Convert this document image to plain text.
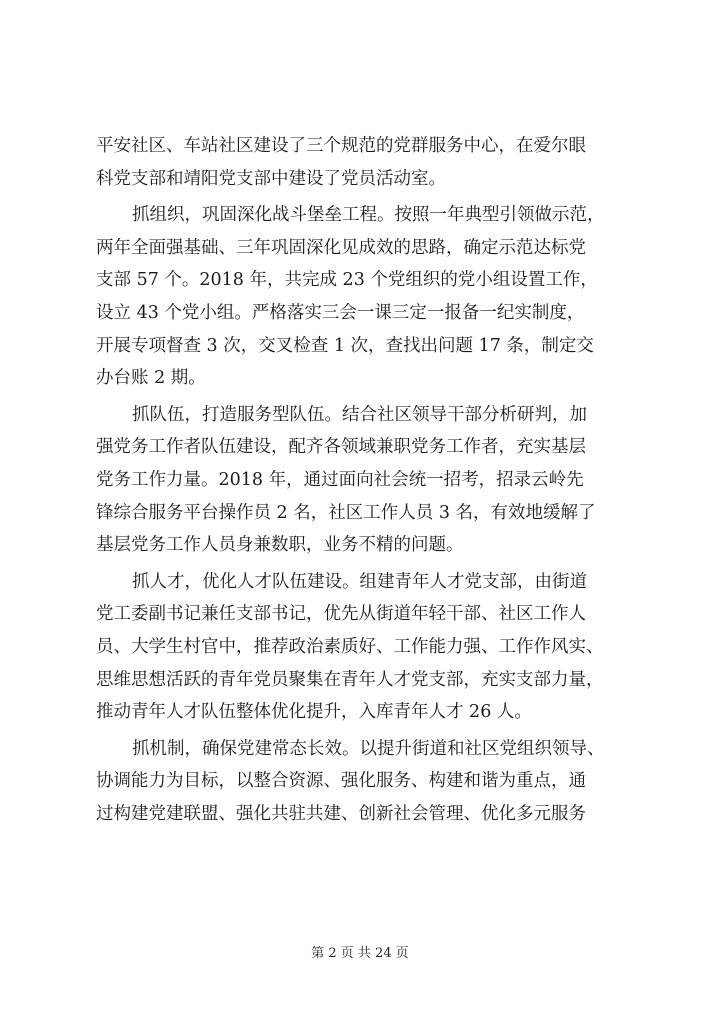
平安社区、车站社区建设了三个规范的党群服务中心，在爱尔眼
科党支部和靖阳党支部中建设了党员活动室。
抓组织，巩固深化战斗堡垒工程。按照一年典型引领做示范，
两年全面强基础、三年巩固深化见成效的思路，确定示范达标党
支部 57 个。2018 年，共完成 23 个党组织的党小组设置工作，
设立 43 个党小组。严格落实三会一课三定一报备一纪实制度，
开展专项督查 3 次，交叉检查 1 次，查找出问题 17 条，制定交
办台账 2 期。
抓队伍，打造服务型队伍。结合社区领导干部分析研判，加
强党务工作者队伍建设，配齐各领域兼职党务工作者，充实基层
党务工作力量。2018 年，通过面向社会统一招考，招录云岭先
锋综合服务平台操作员 2 名，社区工作人员 3 名，有效地缓解了
基层党务工作人员身兼数职，业务不精的问题。
抓人才，优化人才队伍建设。组建青年人才党支部，由街道
党工委副书记兼任支部书记，优先从街道年轻干部、社区工作人
员、大学生村官中，推荐政治素质好、工作能力强、工作作风实、
思维思想活跃的青年党员聚集在青年人才党支部，充实支部力量，
推动青年人才队伍整体优化提升，入库青年人才 26 人。
抓机制，确保党建常态长效。以提升街道和社区党组织领导、
协调能力为目标，以整合资源、强化服务、构建和谐为重点，通
过构建党建联盟、强化共驻共建、创新社会管理、优化多元服务
第 2 页 共 24 页
